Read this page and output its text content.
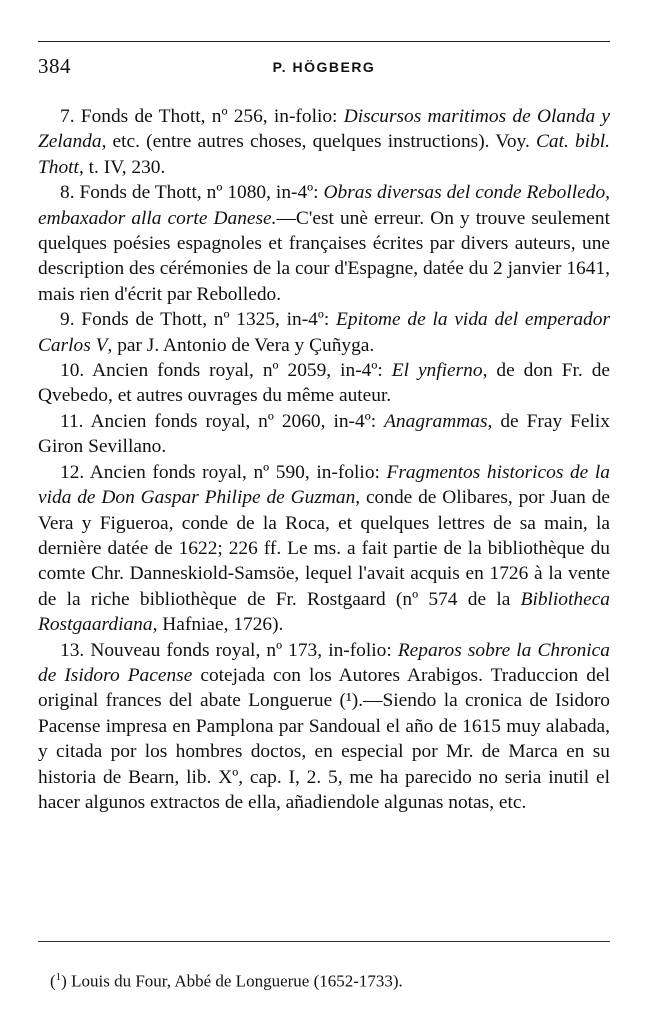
384	P. HÖGBERG

7. Fonds de Thott, nº 256, in-folio: Discursos maritimos de Olanda y Zelanda, etc. (entre autres choses, quelques instructions). Voy. Cat. bibl. Thott, t. IV, 230.

8. Fonds de Thott, nº 1080, in-4º: Obras diversas del conde Rebolledo, embaxador alla corte Danese.—C'est unè erreur. On y trouve seulement quelques poésies espagnoles et françaises écrites par divers auteurs, une description des cérémonies de la cour d'Espagne, datée du 2 janvier 1641, mais rien d'écrit par Rebolledo.

9. Fonds de Thott, nº 1325, in-4º: Epitome de la vida del emperador Carlos V, par J. Antonio de Vera y Çuñyga.

10. Ancien fonds royal, nº 2059, in-4º: El ynfierno, de don Fr. de Qvebedo, et autres ouvrages du même auteur.

11. Ancien fonds royal, nº 2060, in-4º: Anagrammas, de Fray Felix Giron Sevillano.

12. Ancien fonds royal, nº 590, in-folio: Fragmentos historicos de la vida de Don Gaspar Philipe de Guzman, conde de Olibares, por Juan de Vera y Figueroa, conde de la Roca, et quelques lettres de sa main, la dernière datée de 1622; 226 ff. Le ms. a fait partie de la bibliothèque du comte Chr. Danneskiold-Samsöe, lequel l'avait acquis en 1726 à la vente de la riche bibliothèque de Fr. Rostgaard (nº 574 de la Bibliotheca Rostgaardiana, Hafniae, 1726).

13. Nouveau fonds royal, nº 173, in-folio: Reparos sobre la Chronica de Isidoro Pacense cotejada con los Autores Arabigos. Traduccion del original frances del abate Longuerue (¹).—Siendo la cronica de Isidoro Pacense impresa en Pamplona par Sandoual el año de 1615 muy alabada, y citada por los hombres doctos, en especial por Mr. de Marca en su historia de Bearn, lib. Xº, cap. I, 2. 5, me ha parecido no seria inutil el hacer algunos extractos de ella, añadiendole algunas notas, etc.

($^1$) Louis du Four, Abbé de Longuerue (1652-1733).
